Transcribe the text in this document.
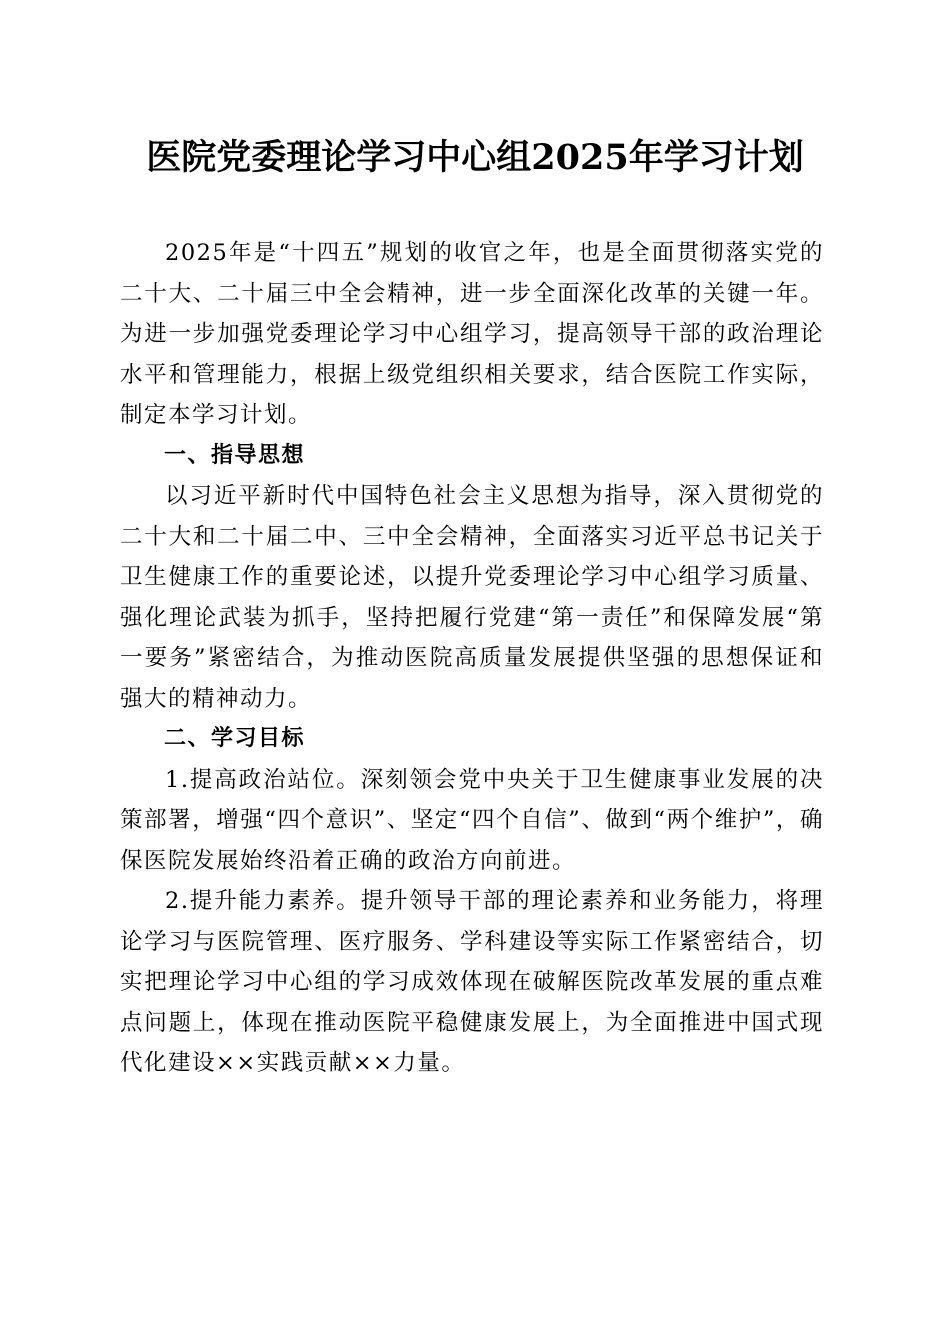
医院党委理论学习中心组2025年学习计划

2025年是“十四五”规划的收官之年，也是全面贯彻落实党的二十大、二十届三中全会精神，进一步全面深化改革的关键一年。为进一步加强党委理论学习中心组学习，提高领导干部的政治理论水平和管理能力，根据上级党组织相关要求，结合医院工作实际，制定本学习计划。

一、指导思想

以习近平新时代中国特色社会主义思想为指导，深入贯彻党的二十大和二十届二中、三中全会精神，全面落实习近平总书记关于卫生健康工作的重要论述，以提升党委理论学习中心组学习质量、强化理论武装为抓手，坚持把履行党建“第一责任”和保障发展“第一要务”紧密结合，为推动医院高质量发展提供坚强的思想保证和强大的精神动力。

二、学习目标

1.提高政治站位。深刻领会党中央关于卫生健康事业发展的决策部署，增强“四个意识”、坚定“四个自信”、做到“两个维护”，确保医院发展始终沿着正确的政治方向前进。

2.提升能力素养。提升领导干部的理论素养和业务能力，将理论学习与医院管理、医疗服务、学科建设等实际工作紧密结合，切实把理论学习中心组的学习成效体现在破解医院改革发展的重点难点问题上，体现在推动医院平稳健康发展上，为全面推进中国式现代化建设××实践贡献××力量。
